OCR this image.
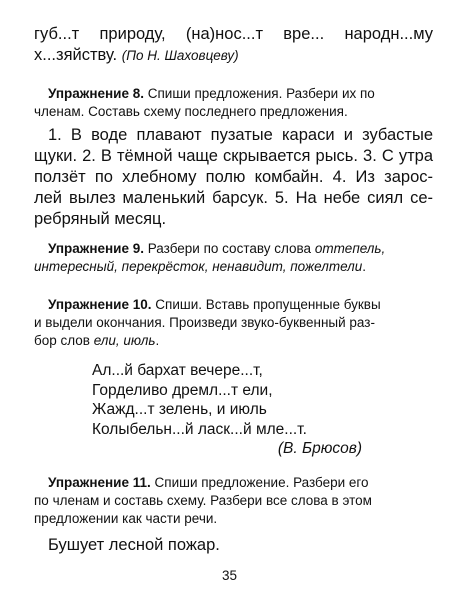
губ...т природу, (на)нос...т вре... народн...му
х...зяйству. (По Н. Шаховцеву)
Упражнение 8. Спиши предложения. Разбери их по
членам. Составь схему последнего предложения.
1. В воде плавают пузатые караси и зубастые
щуки. 2. В тёмной чаще скрывается рысь. 3. С утра
ползёт по хлебному полю комбайн. 4. Из зарос-
лей вылез маленький барсук. 5. На небе сиял се-
ребряный месяц.
Упражнение 9. Разбери по составу слова оттепель,
интересный, перекрёсток, ненавидит, пожелтели.
Упражнение 10. Спиши. Вставь пропущенные буквы
и выдели окончания. Произведи звуко-буквенный раз-
бор слов ели, июль.
Ал...й бархат вечере...т,
Горделиво дремл...т ели,
Жажд...т зелень, и июль
Колыбельн...й ласк...й мле...т.
(В. Брюсов)
Упражнение 11. Спиши предложение. Разбери его
по членам и составь схему. Разбери все слова в этом
предложении как части речи.
Бушует лесной пожар.
35
